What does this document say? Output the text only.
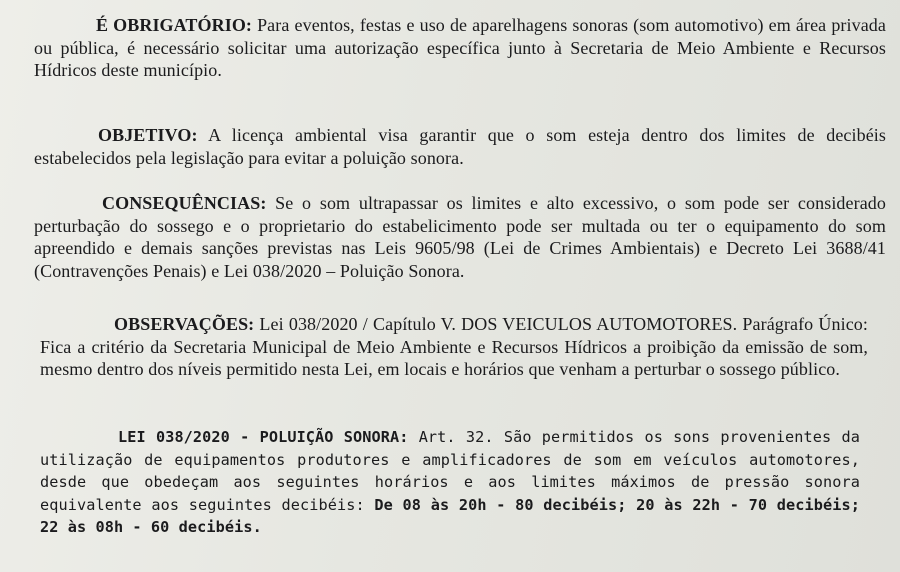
É OBRIGATÓRIO: Para eventos, festas e uso de aparelhagens sonoras (som automotivo) em área privada ou pública, é necessário solicitar uma autorização específica junto à Secretaria de Meio Ambiente e Recursos Hídricos deste município.

OBJETIVO: A licença ambiental visa garantir que o som esteja dentro dos limites de decibéis estabelecidos pela legislação para evitar a poluição sonora.

CONSEQUÊNCIAS: Se o som ultrapassar os limites e alto excessivo, o som pode ser considerado perturbação do sossego e o proprietario do estabelicimento pode ser multada ou ter o equipamento do som apreendido e demais sanções previstas nas Leis 9605/98 (Lei de Crimes Ambientais) e Decreto Lei 3688/41 (Contravenções Penais) e Lei 038/2020 – Poluição Sonora.

OBSERVAÇÕES: Lei 038/2020 / Capítulo V. DOS VEICULOS AUTOMOTORES. Parágrafo Único: Fica a critério da Secretaria Municipal de Meio Ambiente e Recursos Hídricos a proibição da emissão de som, mesmo dentro dos níveis permitido nesta Lei, em locais e horários que venham a perturbar o sossego público.

LEI 038/2020 - POLUIÇÃO SONORA: Art. 32. São permitidos os sons provenientes da utilização de equipamentos produtores e amplificadores de som em veículos automotores, desde que obedeçam aos seguintes horários e aos limites máximos de pressão sonora equivalente aos seguintes decibéis: De 08 às 20h - 80 decibéis; 20 às 22h - 70 decibéis; 22 às 08h - 60 decibéis.
